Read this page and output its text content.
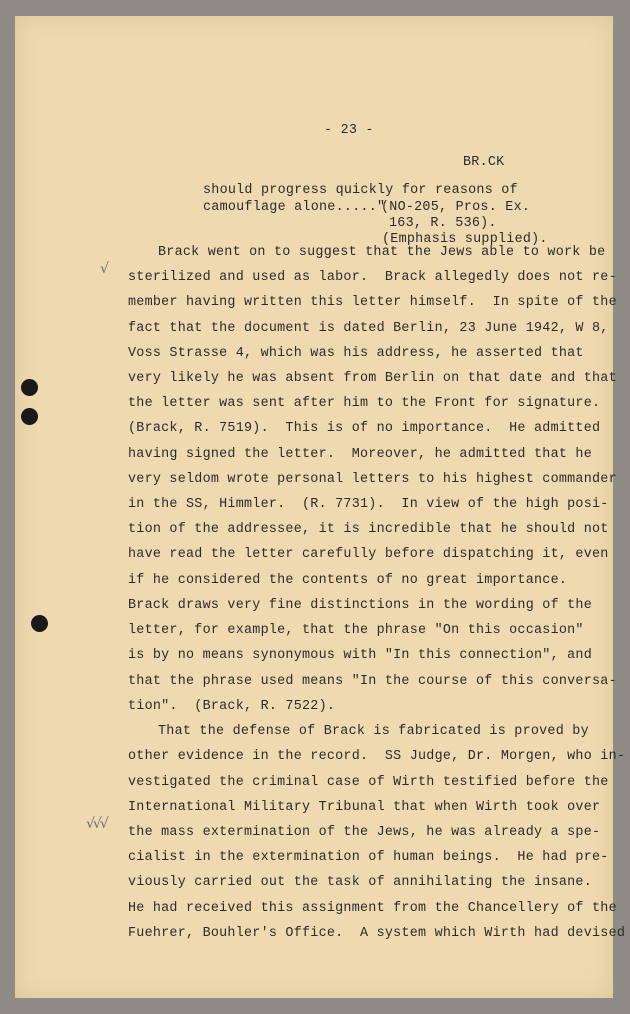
- 23 -
BR.CK
should progress quickly for reasons of
camouflage alone....."
(NO-205, Pros. Ex.
163, R. 536).
(Emphasis supplied).
Brack went on to suggest that the Jews able to work be
sterilized and used as labor.  Brack allegedly does not re-
member having written this letter himself.  In spite of the
fact that the document is dated Berlin, 23 June 1942, W 8,
Voss Strasse 4, which was his address, he asserted that
very likely he was absent from Berlin on that date and that
the letter was sent after him to the Front for signature.
(Brack, R. 7519).  This is of no importance.  He admitted
having signed the letter.  Moreover, he admitted that he
very seldom wrote personal letters to his highest commander
in the SS, Himmler.  (R. 7731).  In view of the high posi-
tion of the addressee, it is incredible that he should not
have read the letter carefully before dispatching it, even
if he considered the contents of no great importance.
Brack draws very fine distinctions in the wording of the
letter, for example, that the phrase "On this occasion"
is by no means synonymous with "In this connection", and
that the phrase used means "In the course of this conversa-
tion".  (Brack, R. 7522).
That the defense of Brack is fabricated is proved by
other evidence in the record.  SS Judge, Dr. Morgen, who in-
vestigated the criminal case of Wirth testified before the
International Military Tribunal that when Wirth took over
the mass extermination of the Jews, he was already a spe-
cialist in the extermination of human beings.  He had pre-
viously carried out the task of annihilating the insane.
He had received this assignment from the Chancellery of the
Fuehrer, Bouhler's Office.  A system which Wirth had devised
√
√√√
